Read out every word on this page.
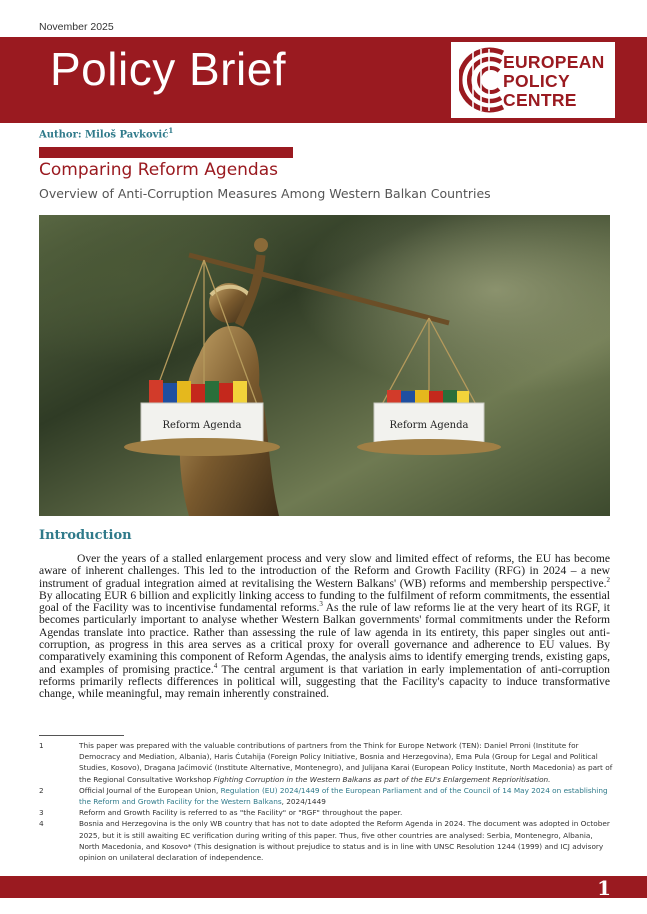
November 2025
Policy Brief	EUROPEAN
POLICY
CENTRE
Author: Miloš Pavković$^1$
Comparing Reform Agendas
Overview of Anti-Corruption Measures Among Western Balkan Countries
Reform Agenda	Reform Agenda
Introduction
Over the years of a stalled enlargement process and very slow and limited effect of reforms, the EU has become aware of inherent challenges. This led to the introduction of the Reform and Growth Facility (RFG) in 2024 – a new instrument of gradual integration aimed at revitalising the Western Balkans' (WB) reforms and membership perspective.$^2$ By allocating EUR 6 billion and explicitly linking access to funding to the fulfilment of reform commitments, the essential goal of the Facility was to incentivise fundamental reforms.$^3$ As the rule of law reforms lie at the very heart of its RGF, it becomes particularly important to analyse whether Western Balkan governments' formal commitments under the Reform Agendas translate into practice. Rather than assessing the rule of law agenda in its entirety, this paper singles out anti-corruption, as progress in this area serves as a critical proxy for overall governance and adherence to EU values. By comparatively examining this component of Reform Agendas, the analysis aims to identify emerging trends, existing gaps, and examples of promising practice.$^4$ The central argument is that variation in early implementation of anti-corruption reforms primarily reflects differences in political will, suggesting that the Facility's capacity to induce transformative change, while meaningful, may remain inherently constrained.
1	This paper was prepared with the valuable contributions of partners from the Think for Europe Network (TEN): Daniel Prroni (Institute for Democracy and Mediation, Albania), Haris Ćutahija (Foreign Policy Initiative, Bosnia and Herzegovina), Ema Pula (Group for Legal and Political Studies, Kosovo), Dragana Jaćimović (Institute Alternative, Montenegro), and Julijana Karai (European Policy Institute, North Macedonia) as part of the Regional Consultative Workshop Fighting Corruption in the Western Balkans as part of the EU's Enlargement Reprioritisation.
2	Official Journal of the European Union, Regulation (EU) 2024/1449 of the European Parliament and of the Council of 14 May 2024 on establishing the Reform and Growth Facility for the Western Balkans, 2024/1449
3	Reform and Growth Facility is referred to as "the Facility" or "RGF" throughout the paper.
4	Bosnia and Herzegovina is the only WB country that has not to date adopted the Reform Agenda in 2024. The document was adopted in October 2025, but it is still awaiting EC verification during writing of this paper. Thus, five other countries are analysed: Serbia, Montenegro, Albania, North Macedonia, and Kosovo* (This designation is without prejudice to status and is in line with UNSC Resolution 1244 (1999) and ICJ advisory opinion on unilateral declaration of independence.
1
